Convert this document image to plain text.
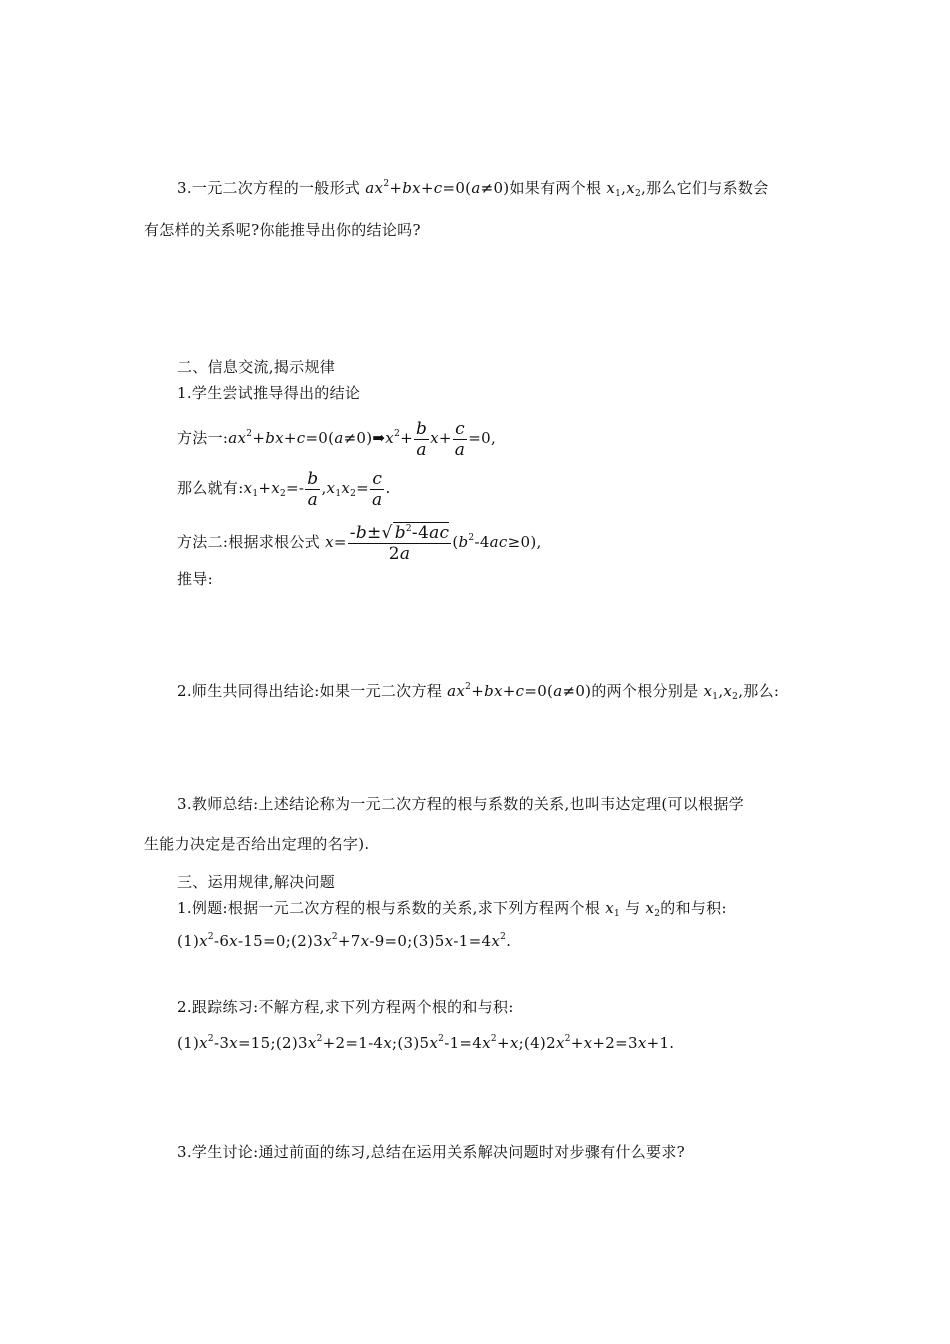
3.一元二次方程的一般形式 $ax^2+bx+c=0(a\ne 0)$如果有两个根 $x_1,x_2$,那么它们与系数会
有怎样的关系呢?你能推导出你的结论吗?
二、信息交流,揭示规律
1.学生尝试推导得出的结论
方法一$:ax^2+bx+c=0(a\ne 0)➡x^2+ \frac{b}{a} x+ \frac{c}{a} =0$,
那么就有$:x_1+x_2=- \frac{b}{a} ,x_1x_2= \frac{c}{a}$ .
方法二:根据求根公式 $x= \frac{-b\pm√ b^2-4ac}{2a} (b^2-4ac\ge 0)$,
推导:
2.师生共同得出结论:如果一元二次方程 $ax^2+bx+c=0(a\ne 0)$的两个根分别是 $x_1,x_2$,那么:
3.教师总结:上述结论称为一元二次方程的根与系数的关系,也叫韦达定理(可以根据学
生能力决定是否给出定理的名字).
三、运用规律,解决问题
1.例题:根据一元二次方程的根与系数的关系,求下列方程两个根 $x_1$ 与 $x_2$的和与积:
$(1)x^2-6x-15=0;(2)3x^2+7x-9=0;(3)5x-1=4x^2$.
2.跟踪练习:不解方程,求下列方程两个根的和与积:
$(1)x^2-3x=15;(2)3x^2+2=1-4x;(3)5x^2-1=4x^2+x;(4)2x^2+x+2=3x+1$.
3.学生讨论:通过前面的练习,总结在运用关系解决问题时对步骤有什么要求?
